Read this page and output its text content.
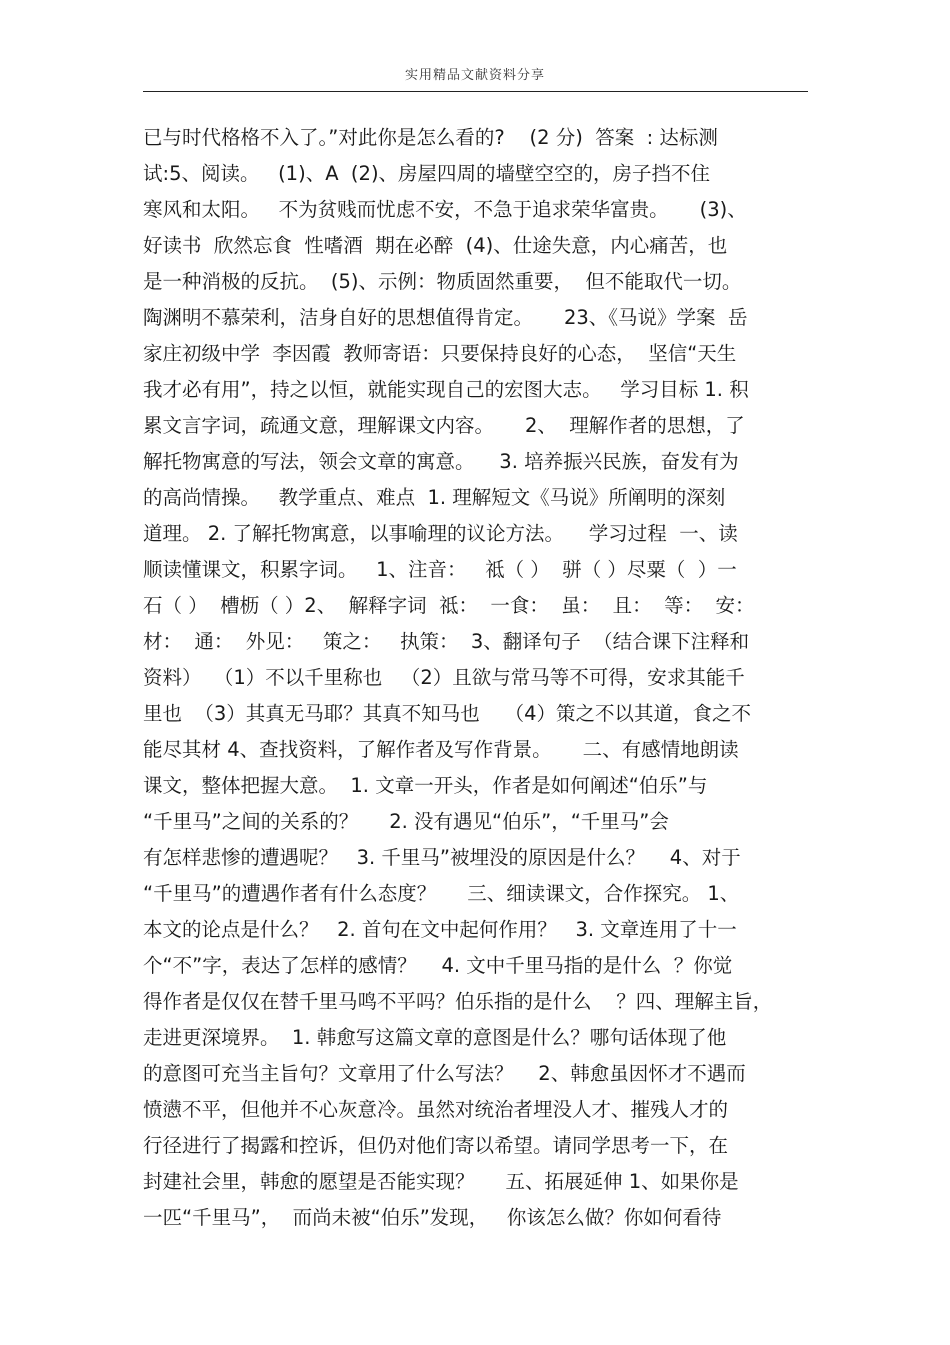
实用精品文献资料分享
已与时代格格不入了。”对此你是怎么看的?    (2 分)  答案  : 达标测
试:5、阅读。   (1)、A  (2)、房屋四周的墙壁空空的，房子挡不住
寒风和太阳。   不为贫贱而忧虑不安，不急于追求荣华富贵。     (3)、
好读书  欣然忘食  性嗜酒  期在必醉  (4)、仕途失意，内心痛苦，也
是一种消极的反抗。  (5)、示例：物质固然重要，  但不能取代一切。
陶渊明不慕荣利，洁身自好的思想值得肯定。     23、《马说》学案  岳
家庄初级中学  李因霞  教师寄语：只要保持良好的心态，  坚信“天生
我才必有用”，持之以恒，就能实现自己的宏图大志。   学习目标 1. 积
累文言字词，疏通文意，理解课文内容。     2、  理解作者的思想，了
解托物寓意的写法，领会文章的寓意。    3. 培养振兴民族，奋发有为
的高尚情操。   教学重点、难点  1. 理解短文《马说》所阐明的深刻
道理。 2. 了解托物寓意，以事喻理的议论方法。    学习过程  一、读
顺读懂课文，积累字词。   1、注音：   祗（ ）  骈（ ）尽粟（  ）一
石（ ）  槽枥（ ）2、  解释字词  祗：  一食：  虽：  且：  等：  安：
材：  通：  外见：   策之：   执策：  3、翻译句子  （结合课下注释和
资料）  （1）不以千里称也   （2）且欲与常马等不可得，安求其能千
里也  （3）其真无马耶？其真不知马也    （4）策之不以其道，食之不
能尽其材 4、查找资料，了解作者及写作背景。     二、有感情地朗读
课文，整体把握大意。  1. 文章一开头，作者是如何阐述“伯乐”与
“千里马”之间的关系的？     2. 没有遇见“伯乐”，“千里马”会
有怎样悲惨的遭遇呢？   3. 千里马”被埋没的原因是什么？    4、对于
“千里马”的遭遇作者有什么态度？     三、细读课文，合作探究。 1、
本文的论点是什么？   2. 首句在文中起何作用？   3. 文章连用了十一
个“不”字，表达了怎样的感情？    4. 文中千里马指的是什么  ？你觉
得作者是仅仅在替千里马鸣不平吗？伯乐指的是什么    ？四、理解主旨，
走进更深境界。  1. 韩愈写这篇文章的意图是什么？哪句话体现了他
的意图可充当主旨句？文章用了什么写法？    2、韩愈虽因怀才不遇而
愤懑不平，但他并不心灰意冷。虽然对统治者埋没人才、摧残人才的
行径进行了揭露和控诉，但仍对他们寄以希望。请同学思考一下，在
封建社会里，韩愈的愿望是否能实现？     五、拓展延伸 1、如果你是
一匹“千里马”，  而尚未被“伯乐”发现，   你该怎么做？你如何看待
